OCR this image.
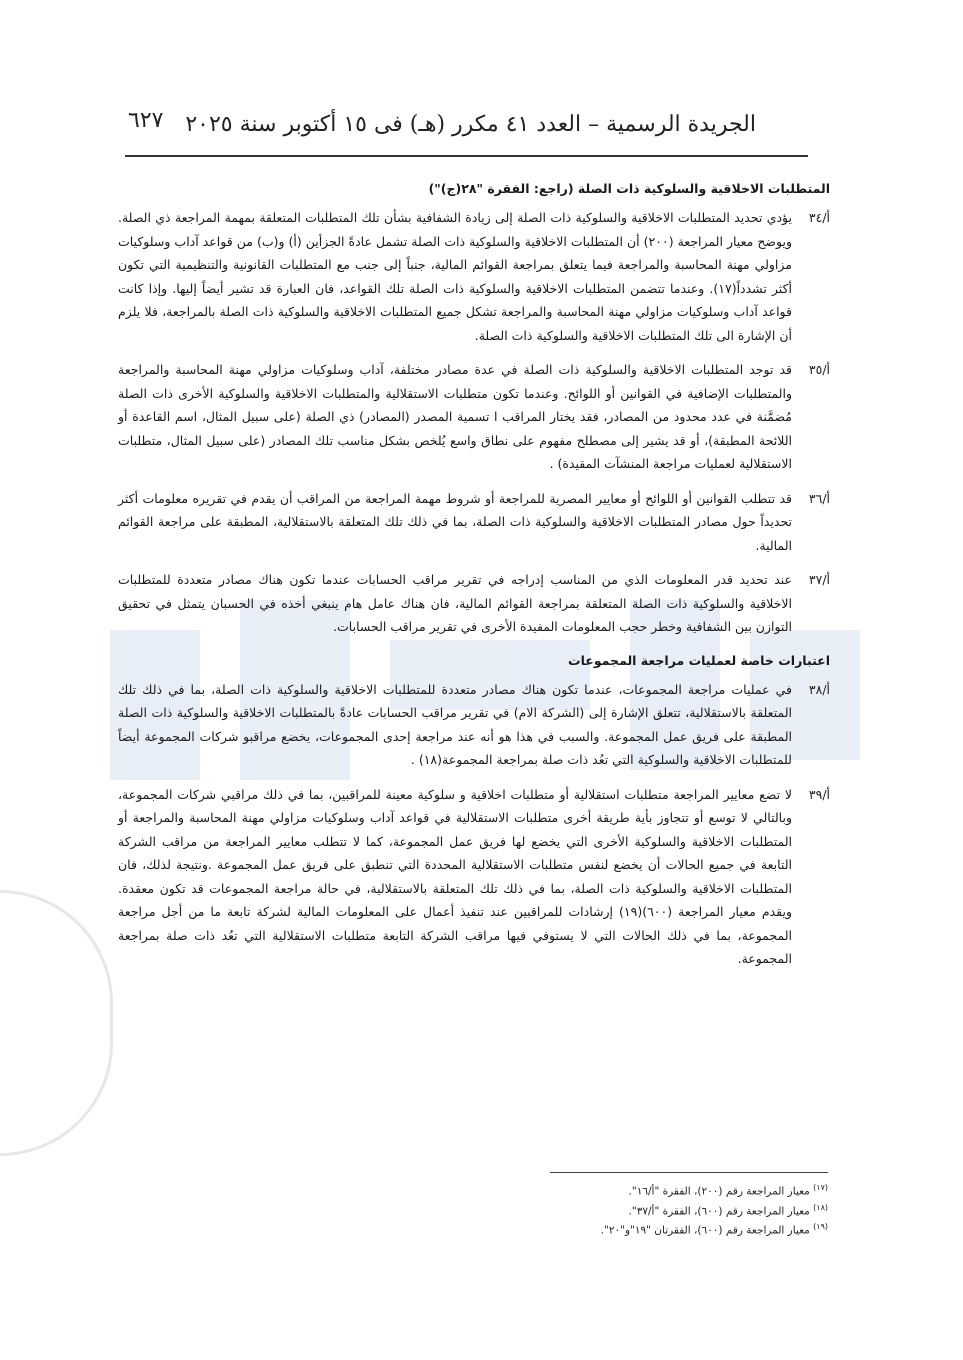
٦٢٧ الجريدة الرسمية – العدد ٤١ مكرر (هـ) فى ١٥ أكتوبر سنة ٢٠٢٥
المتطلبات الاخلاقية والسلوكية ذات الصلة (راجع: الفقرة "٢٨(ج)")
أ/٣٤
يؤدي تحديد المتطلبات الاخلاقية والسلوكية ذات الصلة إلى زيادة الشفافية بشأن تلك المتطلبات المتعلقة بمهمة المراجعة ذي الصلة. ويوضح معيار المراجعة (٢٠٠) أن المتطلبات الاخلاقية والسلوكية ذات الصلة تشمل عادةً الجزأين (أ) و(ب) من قواعد آداب وسلوكيات مزاولي مهنة المحاسبة والمراجعة فيما يتعلق بمراجعة القوائم المالية، جنباً إلى جنب مع المتطلبات القانونية والتنظيمية التي تكون أكثر تشدداً(١٧). وعندما تتضمن المتطلبات الاخلاقية والسلوكية ذات الصلة تلك القواعد، فان العبارة قد تشير أيضاً إليها. وإذا كانت قواعد آداب وسلوكيات مزاولي مهنة المحاسبة والمراجعة تشكل جميع المتطلبات الاخلاقية والسلوكية ذات الصلة بالمراجعة، فلا يلزم أن الإشارة الى تلك المتطلبات الاخلاقية والسلوكية ذات الصلة.
أ/٣٥
قد توجد المتطلبات الاخلاقية والسلوكية ذات الصلة في عدة مصادر مختلفة، آداب وسلوكيات مزاولي مهنة المحاسبة والمراجعة والمتطلبات الإضافية في القوانين أو اللوائح. وعندما تكون متطلبات الاستقلالية والمتطلبات الاخلاقية والسلوكية الأخرى ذات الصلة مُضمَّنة في عدد محدود من المصادر، فقد يختار المراقب ا تسمية المصدر (المصادر) ذي الصلة (على سبيل المثال، اسم القاعدة أو اللائحة المطبقة)، أو قد يشير إلى مصطلح مفهوم على نطاق واسع يُلخص بشكل مناسب تلك المصادر (على سبيل المثال، متطلبات الاستقلالية لعمليات مراجعة المنشآت المقيدة) .
أ/٣٦
قد تتطلب القوانين أو اللوائح أو معايير المصرية للمراجعة أو شروط مهمة المراجعة من المراقب أن يقدم في تقريره معلومات أكثر تحديداً حول مصادر المتطلبات الاخلاقية والسلوكية ذات الصلة، بما في ذلك تلك المتعلقة بالاستقلالية، المطبقة على مراجعة القوائم المالية.
أ/٣٧
عند تحديد قدر المعلومات الذي من المناسب إدراجه في تقرير مراقب الحسابات عندما تكون هناك مصادر متعددة للمتطلبات الاخلاقية والسلوكية ذات الصلة المتعلقة بمراجعة القوائم المالية، فان هناك عامل هام ينبغي أخذه في الحسبان يتمثل في تحقيق التوازن بين الشفافية وخطر حجب المعلومات المفيدة الأخرى في تقرير مراقب الحسابات.
اعتبارات خاصة لعمليات مراجعة المجموعات
أ/٣٨
في عمليات مراجعة المجموعات، عندما تكون هناك مصادر متعددة للمتطلبات الاخلاقية والسلوكية ذات الصلة، بما في ذلك تلك المتعلقة بالاستقلالية، تتعلق الإشارة إلى (الشركة الام) في تقرير مراقب الحسابات عادةً بالمتطلبات الاخلاقية والسلوكية ذات الصلة المطبقة على فريق عمل المجموعة. والسبب في هذا هو أنه عند مراجعة إحدى المجموعات، يخضع مراقبو شركات المجموعة أيضاً للمتطلبات الاخلاقية والسلوكية التي تعُد ذات صلة بمراجعة المجموعة(١٨) .
أ/٣٩
لا تضع معايير المراجعة متطلبات استقلالية أو متطلبات اخلاقية و سلوكية معينة للمراقبين، بما في ذلك مراقبي شركات المجموعة، وبالتالي لا توسع أو تتجاوز بأية طريقة أخرى متطلبات الاستقلالية في قواعد آداب وسلوكيات مزاولي مهنة المحاسبة والمراجعة أو المتطلبات الاخلاقية والسلوكية الأخرى التي يخضع لها فريق عمل المجموعة، كما لا تتطلب معايير المراجعة من مراقب الشركة التابعة في جميع الحالات أن يخضع لنفس متطلبات الاستقلالية المحددة التي تنطبق على فريق عمل المجموعة .ونتيجة لذلك، فان المتطلبات الاخلاقية والسلوكية ذات الصلة، بما في ذلك تلك المتعلقة بالاستقلالية، في حالة مراجعة المجموعات قد تكون معقدة. ويقدم معيار المراجعة (٦٠٠)(١٩) إرشادات للمراقبين عند تنفيذ أعمال على المعلومات المالية لشركة تابعة ما من أجل مراجعة المجموعة، بما في ذلك الحالات التي لا يستوفي فيها مراقب الشركة التابعة متطلبات الاستقلالية التي تعُد ذات صلة بمراجعة المجموعة.
$^{(١٧)}$ معيار المراجعة رقم (٢٠٠)، الفقرة "أ/١٦".
$^{(١٨)}$ معيار المراجعة رقم (٦٠٠)، الفقرة "أ/٣٧".
$^{(١٩)}$ معيار المراجعة رقم (٦٠٠)، الفقرتان "١٩"و"٢٠".
